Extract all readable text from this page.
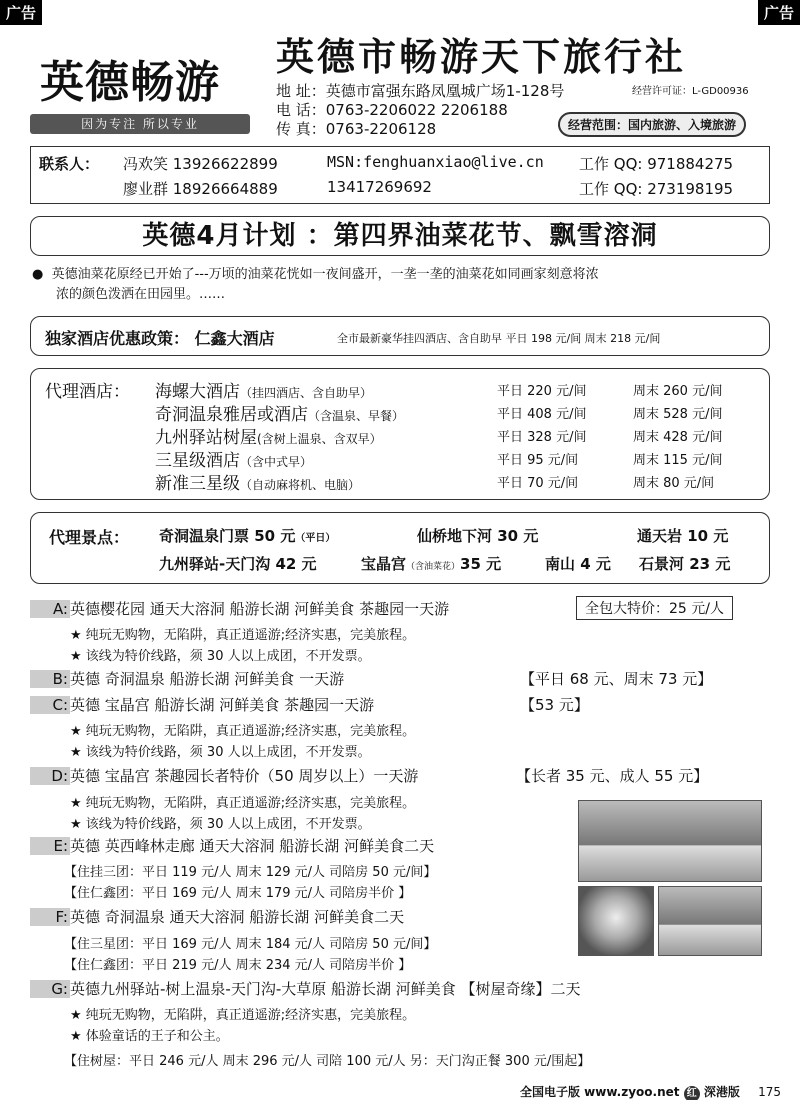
广告	广告
英德畅游
因为专注 所以专业
英德市畅游天下旅行社
地 址：英德市富强东路凤凰城广场1-128号
电 话：0763-2206022 2206188
传 真：0763-2206128
经营许可证：L-GD00936
经营范围：国内旅游、入境旅游
联系人： 冯欢笑 13926622899	MSN:fenghuanxiao@live.cn 工作 QQ: 971884275
廖业群 18926664889	13417269692	工作 QQ: 273198195
英德4月计划 ：第四界油菜花节、飘雪溶洞
●  英德油菜花原经已开始了---万顷的油菜花恍如一夜间盛开，一垄一垄的油菜花如同画家刻意将浓
浓的颜色泼洒在田园里。……
独家酒店优惠政策： 仁鑫大酒店	全市最新豪华挂四酒店、含自助早 平日 198 元/间 周末 218 元/间
代理酒店： 海螺大酒店（挂四酒店、含自助早）	平日 220 元/间	周末 260 元/间
奇洞温泉雅居或酒店（含温泉、早餐）	平日 408 元/间	周末 528 元/间
九州驿站树屋(含树上温泉、含双早）	平日 328 元/间	周末 428 元/间
三星级酒店（含中式早）	平日 95 元/间	周末 115 元/间
新准三星级（自动麻将机、电脑）	平日 70 元/间	周末 80 元/间
代理景点： 奇洞温泉门票 50 元（平日）	仙桥地下河 30 元	通天岩 10 元
九州驿站-天门沟 42 元	宝晶宫（含油菜花）35 元	南山 4 元 石景河 23 元
A: 英德樱花园 通天大溶洞 船游长湖 河鲜美食 茶趣园一天游	全包大特价：25 元/人
★ 纯玩无购物，无陷阱，真正逍遥游;经济实惠，完美旅程。
★ 该线为特价线路，须 30 人以上成团，不开发票。
B: 英德 奇洞温泉 船游长湖 河鲜美食 一天游	【平日 68 元、周末 73 元】
C: 英德 宝晶宫 船游长湖 河鲜美食 茶趣园一天游	【53 元】
★ 纯玩无购物，无陷阱，真正逍遥游;经济实惠，完美旅程。
★ 该线为特价线路，须 30 人以上成团，不开发票。
D: 英德 宝晶宫 茶趣园长者特价（50 周岁以上）一天游	【长者 35 元、成人 55 元】
★ 纯玩无购物，无陷阱，真正逍遥游;经济实惠，完美旅程。
★ 该线为特价线路，须 30 人以上成团，不开发票。
E: 英德 英西峰林走廊 通天大溶洞 船游长湖 河鲜美食二天
【住挂三团：平日 119 元/人 周末 129 元/人 司陪房 50 元/间】
【住仁鑫团：平日 169 元/人 周末 179 元/人 司陪房半价 】
F: 英德 奇洞温泉 通天大溶洞 船游长湖 河鲜美食二天
【住三星团：平日 169 元/人 周末 184 元/人 司陪房 50 元/间】
【住仁鑫团：平日 219 元/人 周末 234 元/人 司陪房半价 】
G: 英德九州驿站-树上温泉-天门沟-大草原 船游长湖 河鲜美食 【树屋奇缘】二天
★ 纯玩无购物，无陷阱，真正逍遥游;经济实惠，完美旅程。
★ 体验童话的王子和公主。
【住树屋：平日 246 元/人 周末 296 元/人 司陪 100 元/人 另：天门沟正餐 300 元/围起】
全国电子版 www.zyoo.net 红 深港版 175
